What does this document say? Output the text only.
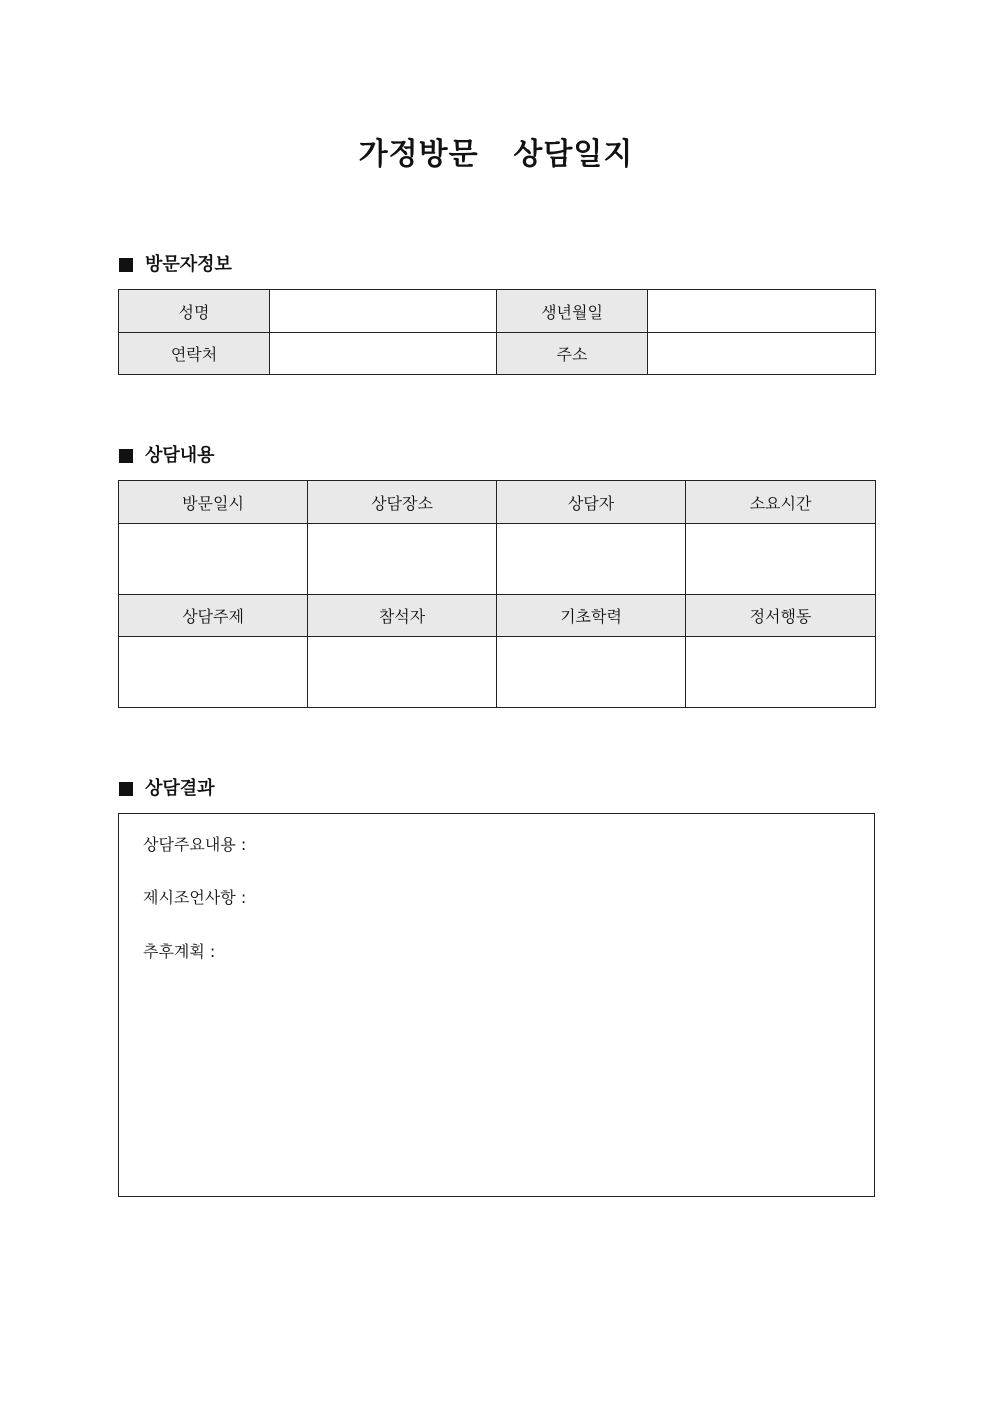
가정방문  상담일지
방문자정보
성명		생년월일	
연락처		주소	
상담내용
방문일시	상담장소	상담자	소요시간

상담주제	참석자	기초학력	정서행동

상담결과
상담주요내용 :
제시조언사항 :
추후계획 :
